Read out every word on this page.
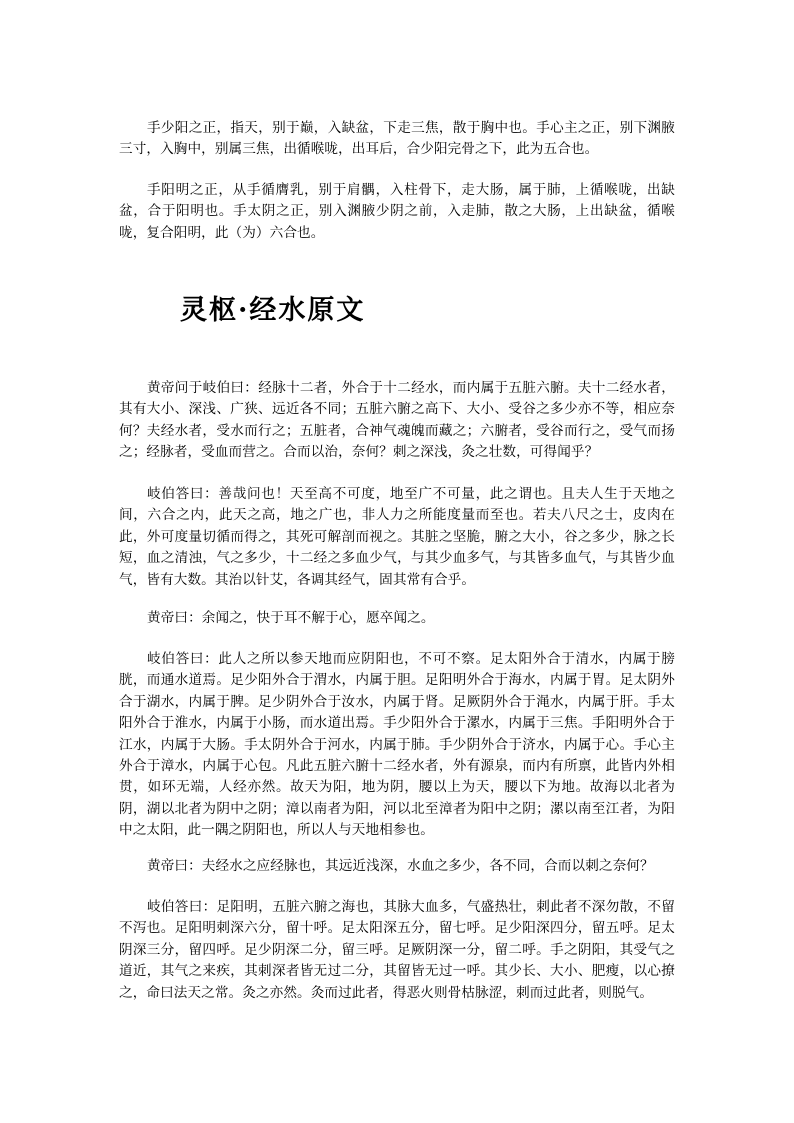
手少阳之正，指天，别于巅，入缺盆，下走三焦，散于胸中也。手心主之正，别下渊腋三寸，入胸中，别属三焦，出循喉咙，出耳后，合少阳完骨之下，此为五合也。

手阳明之正，从手循膺乳，别于肩髃，入柱骨下，走大肠，属于肺，上循喉咙，出缺盆，合于阳明也。手太阴之正，别入渊腋少阴之前，入走肺，散之大肠，上出缺盆，循喉咙，复合阳明，此（为）六合也。

灵枢·经水原文

黄帝问于岐伯曰：经脉十二者，外合于十二经水，而内属于五脏六腑。夫十二经水者，其有大小、深浅、广狭、远近各不同；五脏六腑之高下、大小、受谷之多少亦不等，相应奈何？夫经水者，受水而行之；五脏者，合神气魂魄而藏之；六腑者，受谷而行之，受气而扬之；经脉者，受血而营之。合而以治，奈何？刺之深浅，灸之壮数，可得闻乎？

岐伯答曰：善哉问也！天至高不可度，地至广不可量，此之谓也。且夫人生于天地之间，六合之内，此天之高，地之广也，非人力之所能度量而至也。若夫八尺之士，皮肉在此，外可度量切循而得之，其死可解剖而视之。其脏之坚脆，腑之大小，谷之多少，脉之长短，血之清浊，气之多少，十二经之多血少气，与其少血多气，与其皆多血气，与其皆少血气，皆有大数。其治以针艾，各调其经气，固其常有合乎。

黄帝曰：余闻之，快于耳不解于心，愿卒闻之。

岐伯答曰：此人之所以参天地而应阴阳也，不可不察。足太阳外合于清水，内属于膀胱，而通水道焉。足少阳外合于渭水，内属于胆。足阳明外合于海水，内属于胃。足太阴外合于湖水，内属于脾。足少阴外合于汝水，内属于肾。足厥阴外合于渑水，内属于肝。手太阳外合于淮水，内属于小肠，而水道出焉。手少阳外合于漯水，内属于三焦。手阳明外合于江水，内属于大肠。手太阴外合于河水，内属于肺。手少阴外合于济水，内属于心。手心主外合于漳水，内属于心包。凡此五脏六腑十二经水者，外有源泉，而内有所禀，此皆内外相贯，如环无端，人经亦然。故天为阳，地为阴，腰以上为天，腰以下为地。故海以北者为阴，湖以北者为阴中之阴；漳以南者为阳，河以北至漳者为阳中之阴；漯以南至江者，为阳中之太阳，此一隅之阴阳也，所以人与天地相参也。

黄帝曰：夫经水之应经脉也，其远近浅深，水血之多少，各不同，合而以刺之奈何？

岐伯答曰：足阳明，五脏六腑之海也，其脉大血多，气盛热壮，刺此者不深勿散，不留不泻也。足阳明刺深六分，留十呼。足太阳深五分，留七呼。足少阳深四分，留五呼。足太阴深三分，留四呼。足少阴深二分，留三呼。足厥阴深一分，留二呼。手之阴阳，其受气之道近，其气之来疾，其刺深者皆无过二分，其留皆无过一呼。其少长、大小、肥瘦，以心撩之，命曰法天之常。灸之亦然。灸而过此者，得恶火则骨枯脉涩，刺而过此者，则脱气。
